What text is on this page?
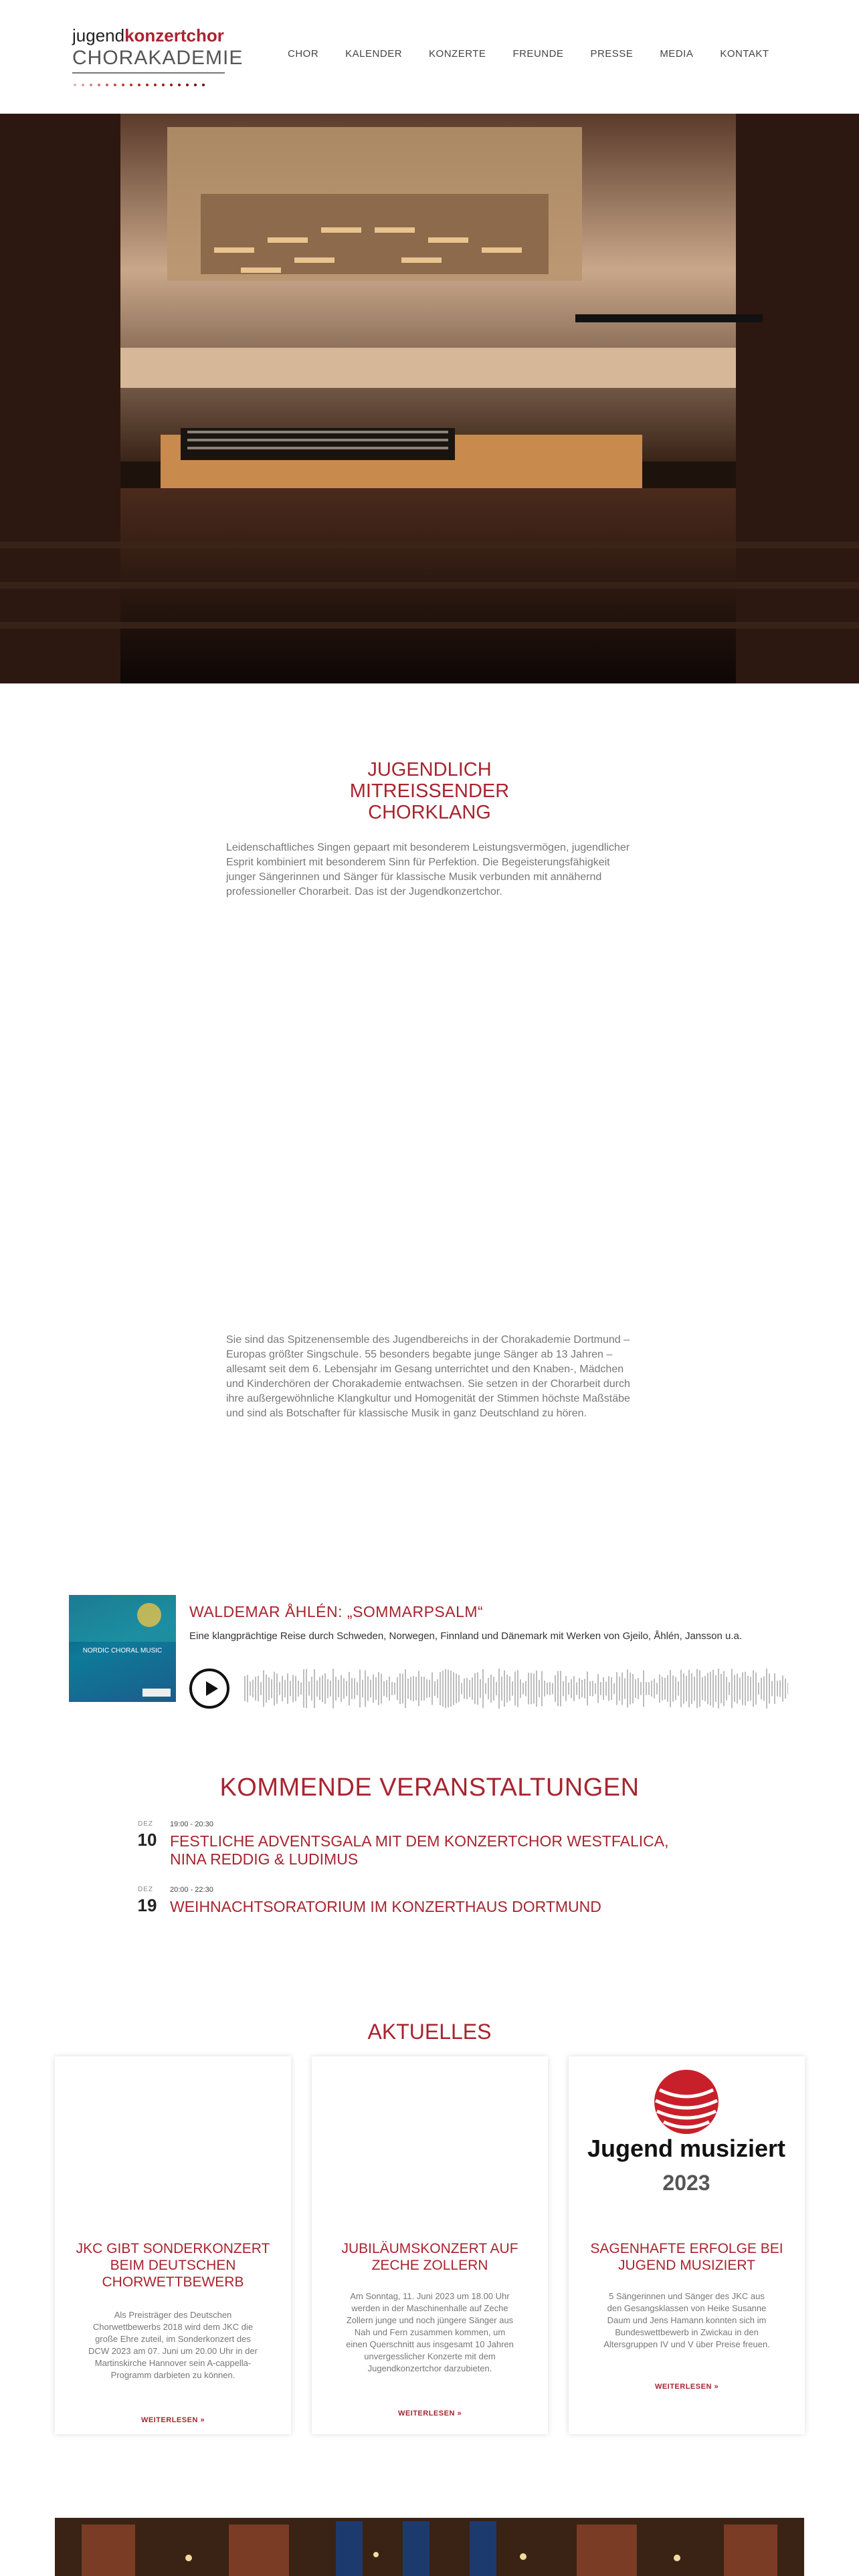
jugendkonzertchor
CHORAKADEMIE	CHOR	KALENDER	KONZERTE	FREUNDE	PRESSE	MEDIA	KONTAKT
JUGENDLICH
MITREISSENDER
CHORKLANG
Leidenschaftliches Singen gepaart mit besonderem Leistungsvermögen, jugendlicher Esprit kombiniert mit besonderem Sinn für Perfektion. Die Begeisterungsfähigkeit junger Sängerinnen und Sänger für klassische Musik verbunden mit annähernd professioneller Chorarbeit. Das ist der Jugendkonzertchor.
Sie sind das Spitzenensemble des Jugendbereichs in der Chorakademie Dortmund – Europas größter Singschule. 55 besonders begabte junge Sänger ab 13 Jahren – allesamt seit dem 6. Lebensjahr im Gesang unterrichtet und den Knaben-, Mädchen und Kinderchören der Chorakademie entwachsen. Sie setzen in der Chorarbeit durch ihre außergewöhnliche Klangkultur und Homogenität der Stimmen höchste Maßstäbe und sind als Botschafter für klassische Musik in ganz Deutschland zu hören.
NORDIC CHORAL MUSIC
WALDEMAR ÅHLÉN: „SOMMARPSALM“
Eine klangprächtige Reise durch Schweden, Norwegen, Finnland und Dänemark mit Werken von Gjeilo, Åhlén, Jansson u.a.
KOMMENDE VERANSTALTUNGEN
DEZ
10
19:00 - 20:30
FESTLICHE ADVENTSGALA MIT DEM KONZERTCHOR WESTFALICA, NINA REDDIG & LUDIMUS
DEZ
19
20:00 - 22:30
WEIHNACHTSORATORIUM IM KONZERTHAUS DORTMUND
AKTUELLES
JKC GIBT SONDERKONZERT BEIM DEUTSCHEN CHORWETTBEWERB
Als Preisträger des Deutschen Chorwettbewerbs 2018 wird dem JKC die große Ehre zuteil, im Sonderkonzert des DCW 2023 am 07. Juni um 20.00 Uhr in der Martinskirche Hannover sein A-cappella-Programm darbieten zu können.
WEITERLESEN »
JUBILÄUMSKONZERT AUF ZECHE ZOLLERN
Am Sonntag, 11. Juni 2023 um 18.00 Uhr werden in der Maschinenhalle auf Zeche Zollern junge und noch jüngere Sänger aus Nah und Fern zusammen kommen, um einen Querschnitt aus insgesamt 10 Jahren unvergesslicher Konzerte mit dem Jugendkonzertchor darzubieten.
WEITERLESEN »
Jugend musiziert
2023
SAGENHAFTE ERFOLGE BEI JUGEND MUSIZIERT
5 Sängerinnen und Sänger des JKC aus den Gesangsklassen von Heike Susanne Daum und Jens Hamann konnten sich im Bundeswettbewerb in Zwickau in den Altersgruppen IV und V über Preise freuen.
WEITERLESEN »
